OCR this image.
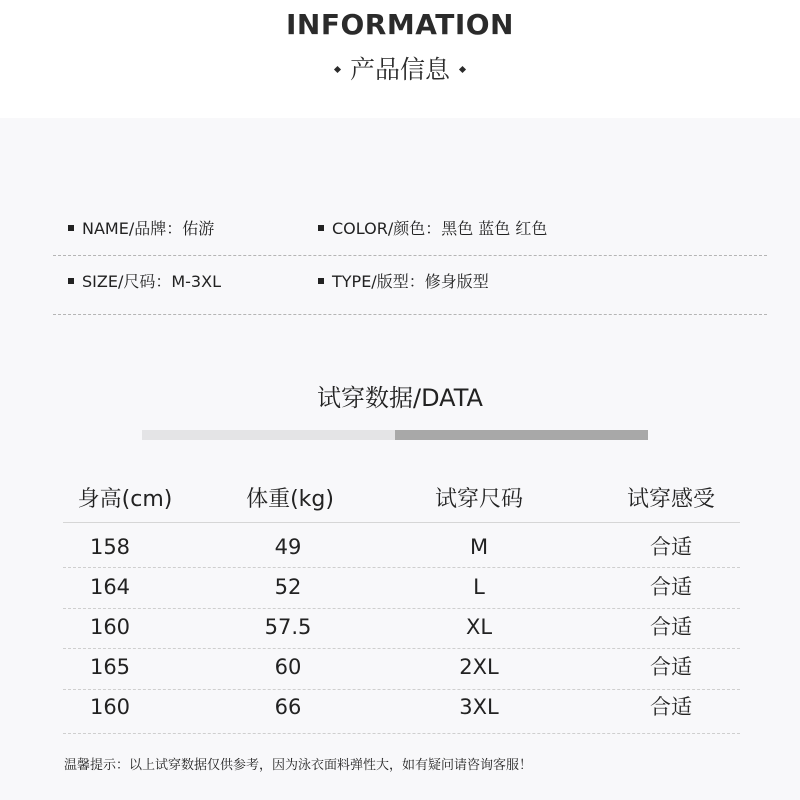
INFORMATION
产品信息
NAME/品牌：佑游	COLOR/颜色：黑色 蓝色 红色
SIZE/尺码：M-3XL	TYPE/版型：修身版型
试穿数据/DATA
身高(cm)	体重(kg)	试穿尺码	试穿感受
158	49	M	合适
164	52	L	合适
160	57.5	XL	合适
165	60	2XL	合适
160	66	3XL	合适
温馨提示：以上试穿数据仅供参考，因为泳衣面料弹性大，如有疑问请咨询客服！
